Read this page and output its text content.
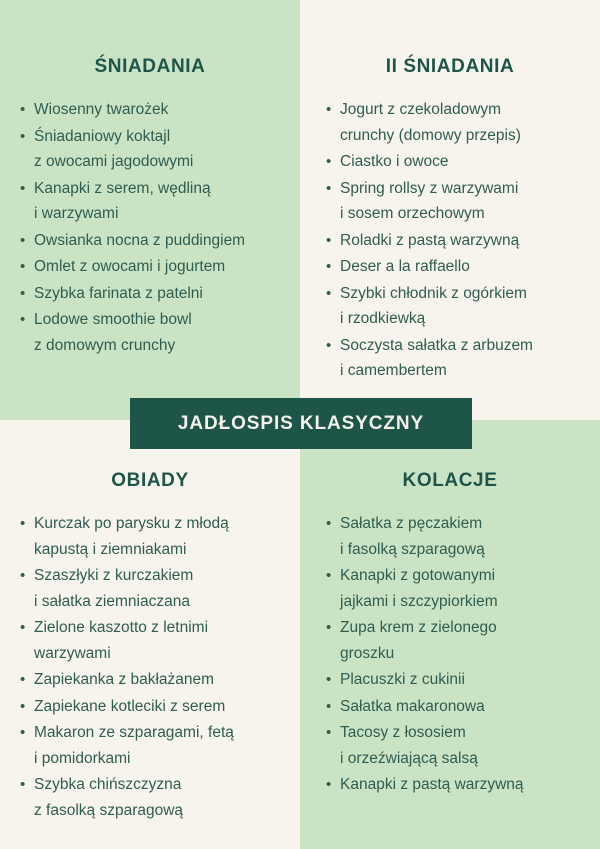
ŚNIADANIA
• Wiosenny twarożek
• Śniadaniowy koktajl
z owocami jagodowymi
• Kanapki z serem, wędliną
i warzywami
• Owsianka nocna z puddingiem
• Omlet z owocami i jogurtem
• Szybka farinata z patelni
• Lodowe smoothie bowl
z domowym crunchy
II ŚNIADANIA
• Jogurt z czekoladowym
crunchy (domowy przepis)
• Ciastko i owoce
• Spring rollsy z warzywami
i sosem orzechowym
• Roladki z pastą warzywną
• Deser a la raffaello
• Szybki chłodnik z ogórkiem
i rzodkiewką
• Soczysta sałatka z arbuzem
i camembertem
OBIADY
• Kurczak po parysku z młodą
kapustą i ziemniakami
• Szaszłyki z kurczakiem
i sałatka ziemniaczana
• Zielone kaszotto z letnimi
warzywami
• Zapiekanka z bakłażanem
• Zapiekane kotleciki z serem
• Makaron ze szparagami, fetą
i pomidorkami
• Szybka chińszczyzna
z fasolką szparagową
KOLACJE
• Sałatka z pęczakiem
i fasolką szparagową
• Kanapki z gotowanymi
jajkami i szczypiorkiem
• Zupa krem z zielonego
groszku
• Placuszki z cukinii
• Sałatka makaronowa
• Tacosy z łososiem
i orzeźwiającą salsą
• Kanapki z pastą warzywną
JADŁOSPIS KLASYCZNY
